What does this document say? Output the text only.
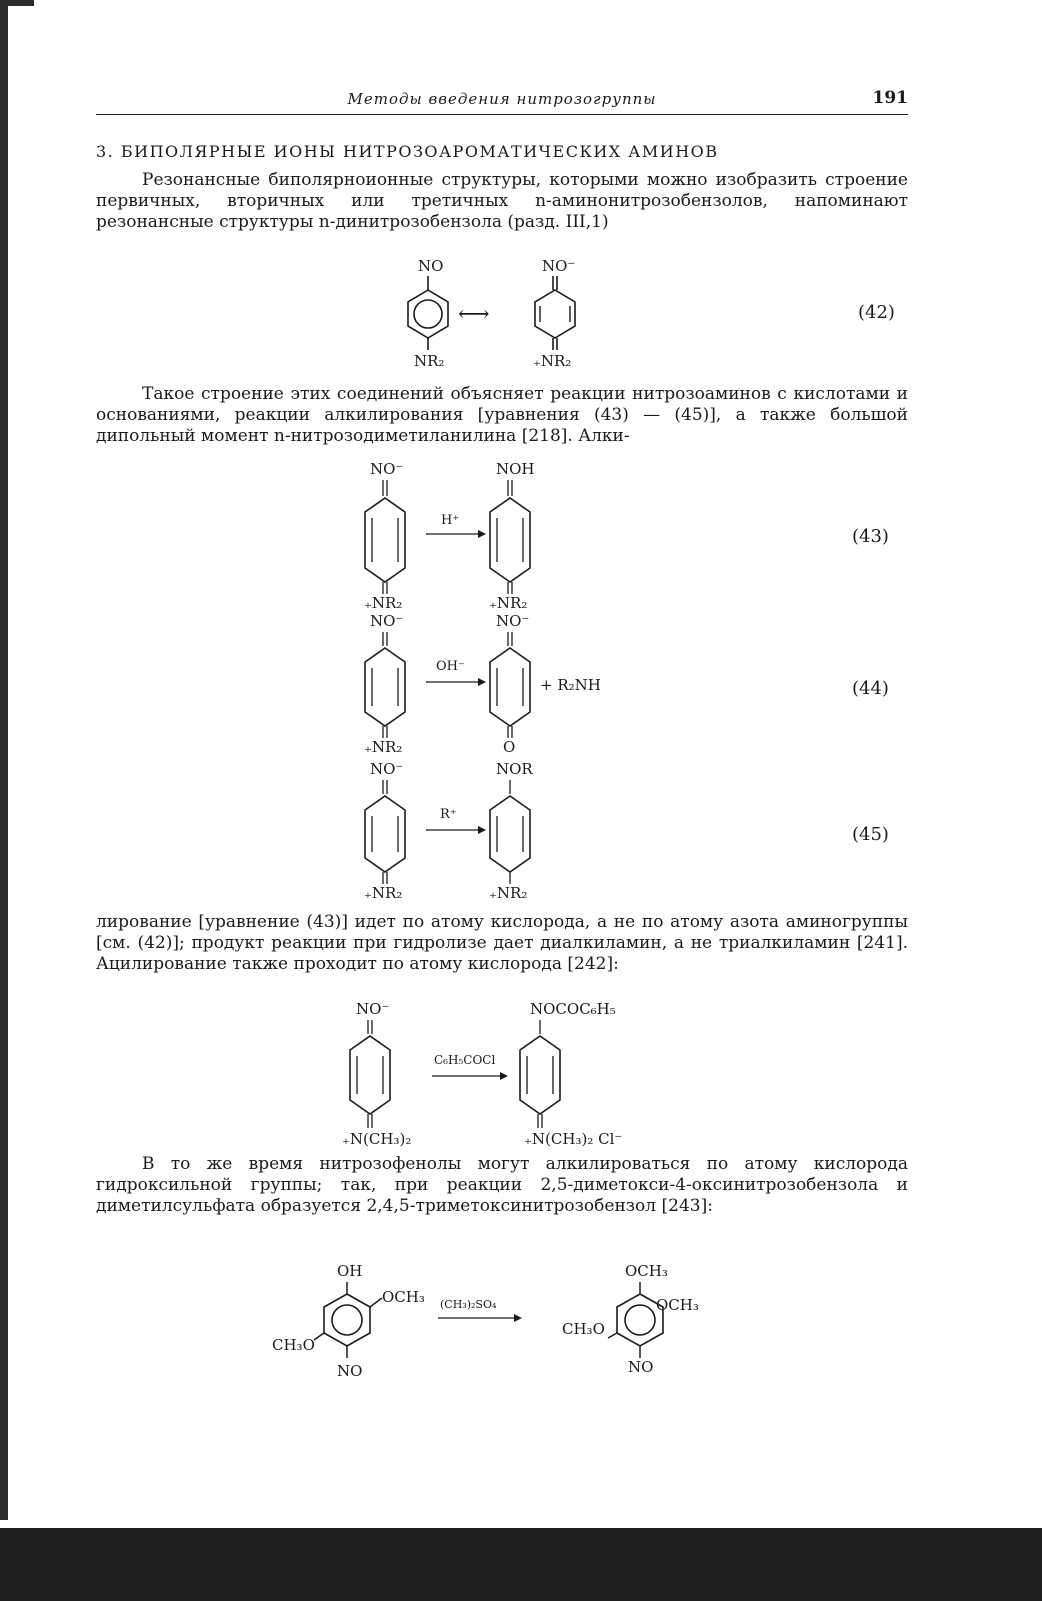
Методы введения нитрозогруппы	191
3. БИПОЛЯРНЫЕ ИОНЫ НИТРОЗОАРОМАТИЧЕСКИХ АМИНОВ

Резонансные биполярноионные структуры, которыми можно изобразить строение первичных, вторичных или третичных n-аминонитрозобензолов, напоминают резонансные структуры n-динитрозобензола (разд. III,1)

NO
NR₂
⟷
NO⁻
₊NR₂
(42)

Такое строение этих соединений объясняет реакции нитрозоаминов с кислотами и основаниями, реакции алкилирования [уравнения (43) — (45)], а также большой дипольный момент n-нитрозодиметиланилина [218]. Алки-

NO⁻
₊NR₂
H⁺
NOH
₊NR₂
(43)
NO⁻
₊NR₂
OH⁻
NO⁻
O
+ R₂NH	(44)
NO⁻
₊NR₂
R⁺
NOR
₊NR₂
(45)

лирование [уравнение (43)] идет по атому кислорода, а не по атому азота аминогруппы [см. (42)]; продукт реакции при гидролизе дает диалкиламин, а не триалкиламин [241]. Ацилирование также проходит по атому кислорода [242]:

NO⁻
₊N(CH₃)₂
C₆H₅COCl
NOCOC₆H₅
₊N(CH₃)₂ Cl⁻

В то же время нитрозофенолы могут алкилироваться по атому кислорода гидроксильной группы; так, при реакции 2,5-диметокси-4-оксинитрозобензола и диметилсульфата образуется 2,4,5-триметоксинитрозобензол [243]:

OH
OCH₃
CH₃O
NO
(CH₃)₂SO₄
OCH₃
OCH₃
CH₃O
NO
